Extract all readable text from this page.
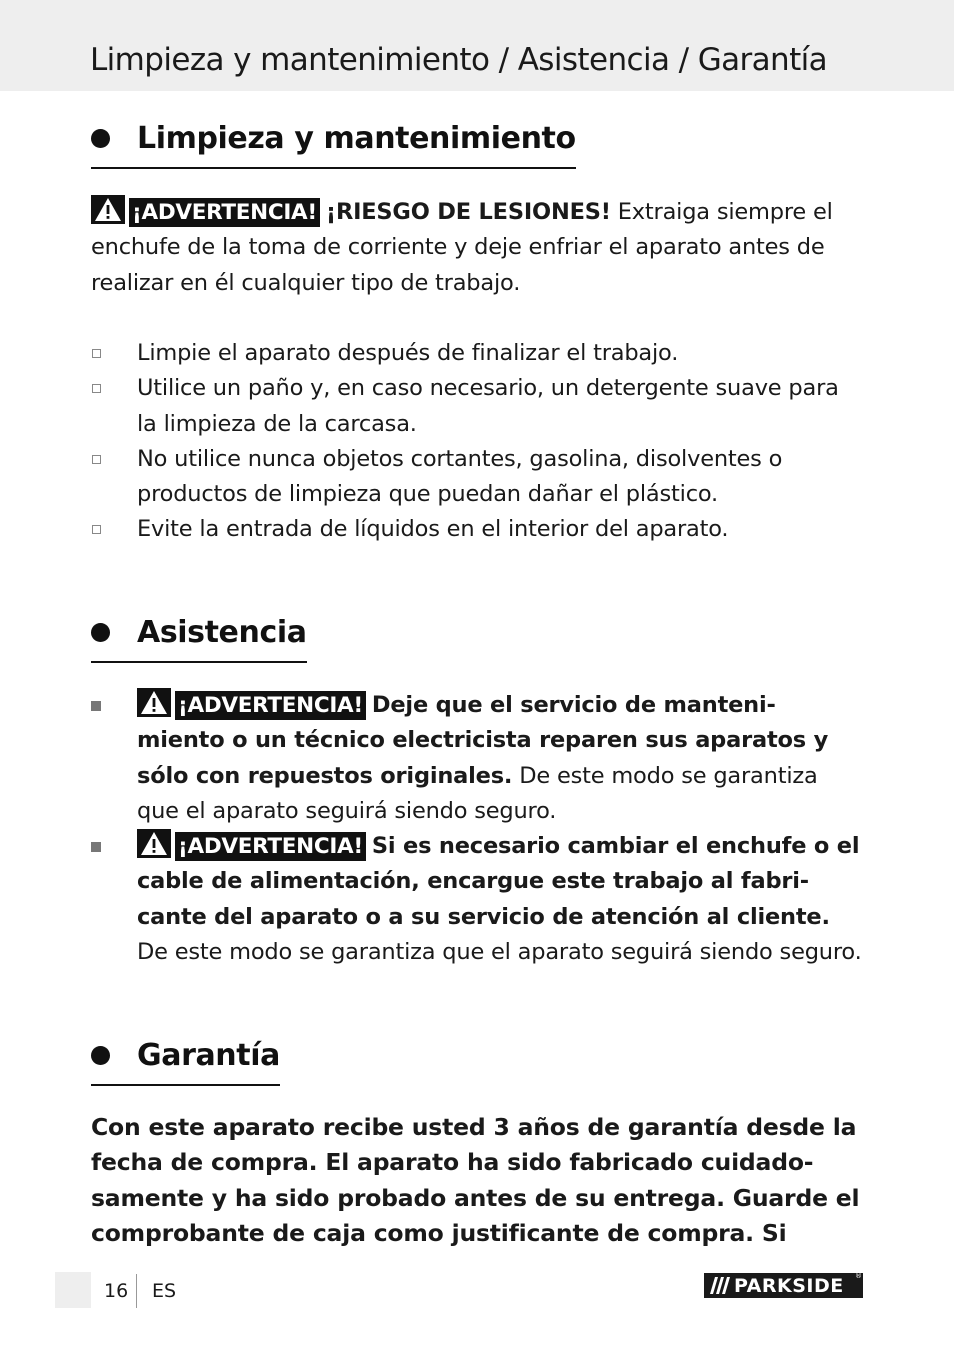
Limpieza y mantenimiento / Asistencia / Garantía
Limpieza y mantenimiento
¡ADVERTENCIA! ¡RIESGO DE LESIONES! Extraiga siempre el enchufe de la toma de corriente y deje enfriar el aparato antes de realizar en él cualquier tipo de trabajo.
Limpie el aparato después de finalizar el trabajo.
Utilice un paño y, en caso necesario, un detergente suave para la limpieza de la carcasa.
No utilice nunca objetos cortantes, gasolina, disolventes o productos de limpieza que puedan dañar el plástico.
Evite la entrada de líquidos en el interior del aparato.
Asistencia
¡ADVERTENCIA! Deje que el servicio de manteni- miento o un técnico electricista reparen sus aparatos y sólo con repuestos originales. De este modo se garantiza que el aparato seguirá siendo seguro.
¡ADVERTENCIA! Si es necesario cambiar el enchufe o el cable de alimentación, encargue este trabajo al fabri- cante del aparato o a su servicio de atención al cliente. De este modo se garantiza que el aparato seguirá siendo seguro.
Garantía
Con este aparato recibe usted 3 años de garantía desde la fecha de compra. El aparato ha sido fabricado cuidado- samente y ha sido probado antes de su entrega. Guarde el comprobante de caja como justificante de compra. Si
16 ES	PARKSIDE ®
